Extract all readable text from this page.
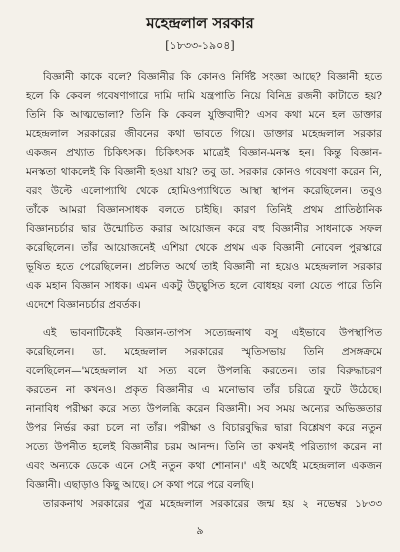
মহেন্দ্রলাল সরকার
[১৮৩৩-১৯০৪]
বিজ্ঞানী কাকে বলে? বিজ্ঞানীর কি কোনও নির্দিষ্ট সংজ্ঞা আছে? বিজ্ঞানী হতে
হলে কি কেবল গবেষণাগারে দামি দামি যন্ত্রপাতি নিয়ে বিনিদ্র রজনী কাটাতে হয়?
তিনি কি আত্মভোলা? তিনি কি কেবল যুক্তিবাদী? এসব কথা মনে হল ডাক্তার
মহেন্দ্রলাল সরকারের জীবনের কথা ভাবতে গিয়ে। ডাক্তার মহেন্দ্রলাল সরকার
একজন প্রখ্যাত চিকিৎসক। চিকিৎসক মাত্রেই বিজ্ঞান-মনস্ক হন। কিন্তু বিজ্ঞান-
মনস্কতা থাকলেই কি বিজ্ঞানী হওয়া যায়? তবু ডা. সরকার কোনও গবেষণা করেন নি,
বরং উল্টে এলোপ্যাথি থেকে হোমিওপ্যাথিতে আস্থা স্থাপন করেছিলেন। তবুও
তাঁকে আমরা বিজ্ঞানসাধক বলতে চাইছি। কারণ তিনিই প্রথম প্রাতিষ্ঠানিক
বিজ্ঞানচর্চার দ্বার উন্মোচিত করার আয়োজন করে বহু বিজ্ঞানীর সাধনাকে সফল
করেছিলেন। তাঁর আয়োজনেই এশিয়া থেকে প্রথম এক বিজ্ঞানী নোবেল পুরস্কারে
ভূষিত হতে পেরেছিলেন। প্রচলিত অর্থে তাই বিজ্ঞানী না হয়েও মহেন্দ্রলাল সরকার
এক মহান বিজ্ঞান সাধক। এমন একটু উচ্ছ্বসিত হলে বোধহয় বলা যেতে পারে তিনি
এদেশে বিজ্ঞানচর্চার প্রবর্তক।
এই ভাবনাটিকেই বিজ্ঞান-তাপস সত্যেন্দ্রনাথ বসু এইভাবে উপস্থাপিত
করেছিলেন। ডা. মহেন্দ্রলাল সরকারের স্মৃতিসভায় তিনি প্রসঙ্গক্রমে
বলেছিলেন—'মহেন্দ্রলাল যা সত্য বলে উপলব্ধি করতেন। তার বিরুদ্ধাচরণ
করতেন না কখনও। প্রকৃত বিজ্ঞানীর এ মনোভাব তাঁর চরিত্রে ফুটে উঠেছে।
নানাবিধ পরীক্ষা করে সত্য উপলব্ধি করেন বিজ্ঞানী। সব সময় অন্যের অভিজ্ঞতার
উপর নির্ভর করা চলে না তাঁর। পরীক্ষা ও বিচারবুদ্ধির দ্বারা বিশ্লেষণ করে নতুন
সত্যে উপনীত হলেই বিজ্ঞানীর চরম আনন্দ। তিনি তা কখনই পরিত্যাগ করেন না
এবং অন্যকে ডেকে এনে সেই নতুন কথা শোনান।' এই অর্থেই মহেন্দ্রলাল একজন
বিজ্ঞানী। এছাড়াও কিছু আছে। সে কথা পরে পরে বলছি।
তারকনাথ সরকারের পুত্র মহেন্দ্রলাল সরকারের জন্ম হয় ২ নভেম্বর ১৮৩৩
৯
